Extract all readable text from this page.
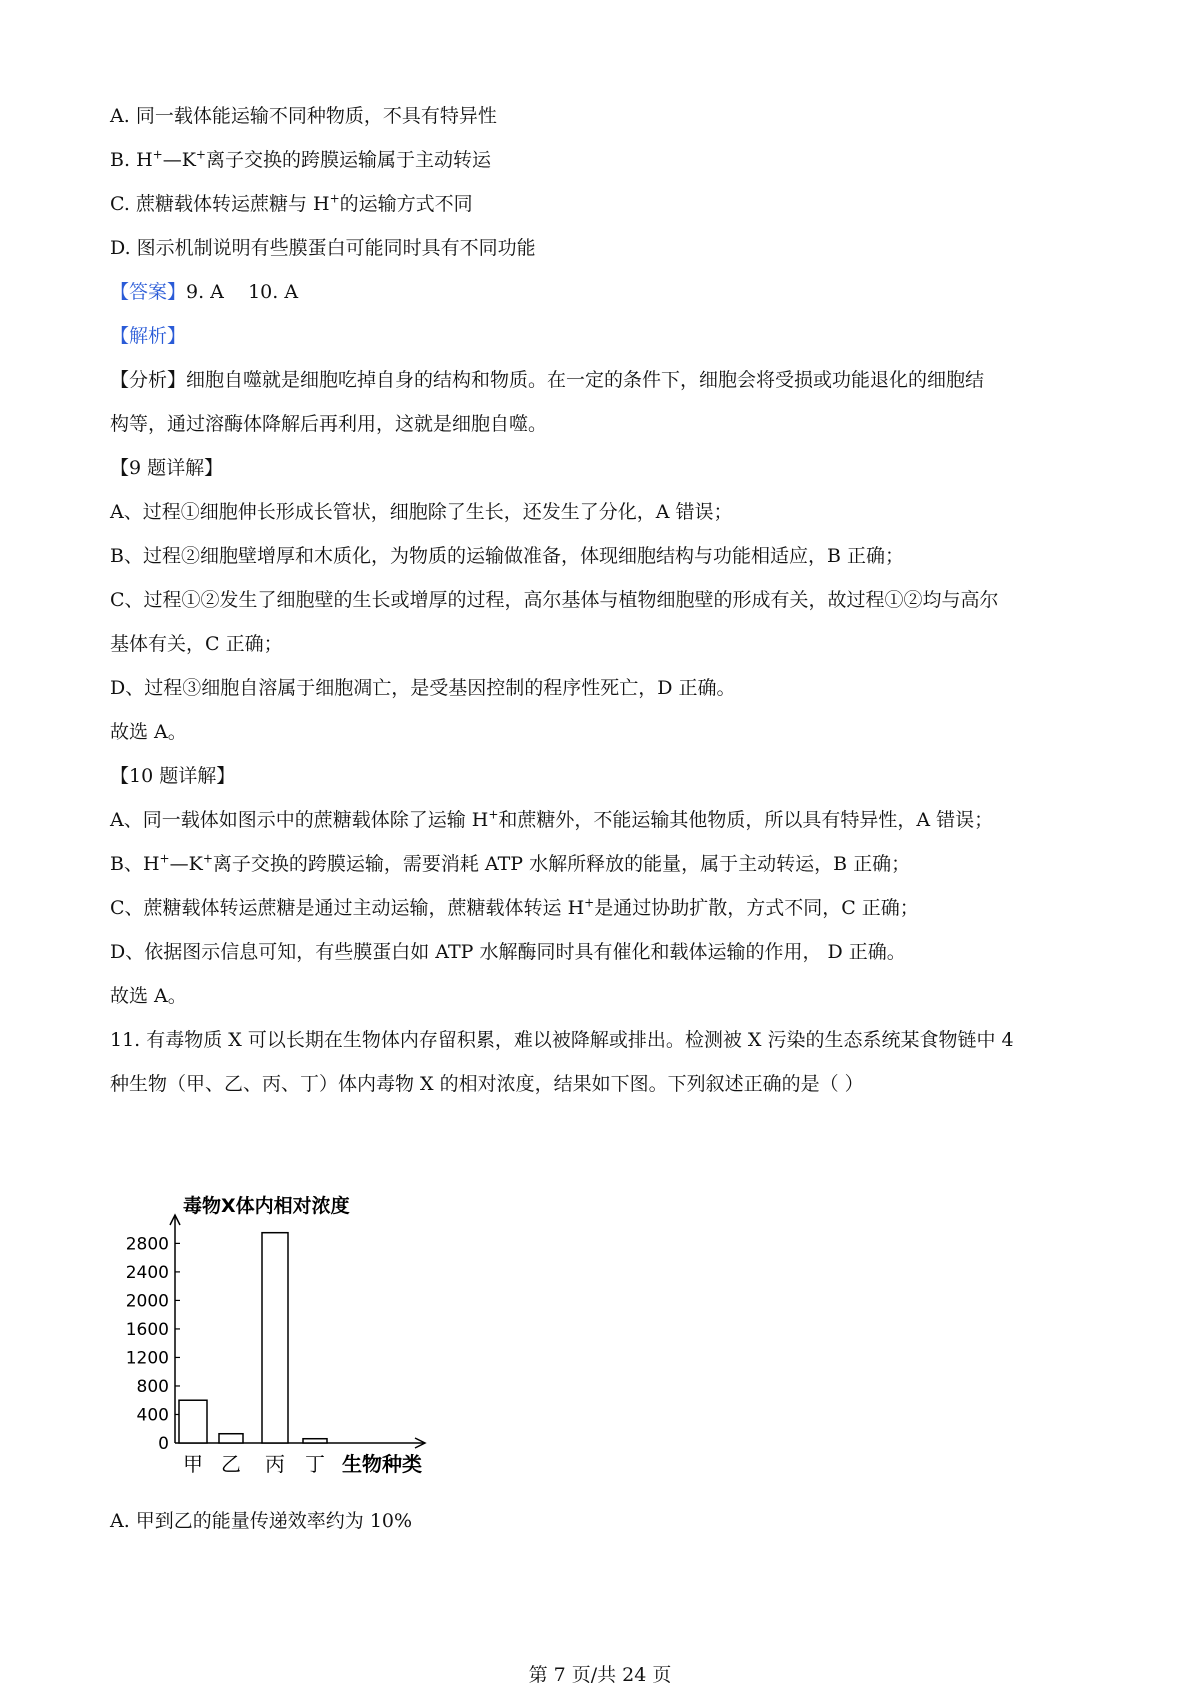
A. 同一载体能运输不同种物质，不具有特异性
B. H+—K+离子交换的跨膜运输属于主动转运
C. 蔗糖载体转运蔗糖与 H+的运输方式不同
D. 图示机制说明有些膜蛋白可能同时具有不同功能
【答案】9. A    10. A
【解析】
【分析】细胞自噬就是细胞吃掉自身的结构和物质。在一定的条件下，细胞会将受损或功能退化的细胞结
构等，通过溶酶体降解后再利用，这就是细胞自噬。
【9 题详解】
A、过程①细胞伸长形成长管状，细胞除了生长，还发生了分化，A 错误；
B、过程②细胞壁增厚和木质化，为物质的运输做准备，体现细胞结构与功能相适应，B 正确；
C、过程①②发生了细胞壁的生长或增厚的过程，高尔基体与植物细胞壁的形成有关，故过程①②均与高尔
基体有关，C 正确；
D、过程③细胞自溶属于细胞凋亡，是受基因控制的程序性死亡，D 正确。
故选 A。
【10 题详解】
A、同一载体如图示中的蔗糖载体除了运输 H+和蔗糖外，不能运输其他物质，所以具有特异性，A 错误；
B、H+—K+离子交换的跨膜运输，需要消耗 ATP 水解所释放的能量，属于主动转运，B 正确；
C、蔗糖载体转运蔗糖是通过主动运输，蔗糖载体转运 H+是通过协助扩散，方式不同，C 正确；
D、依据图示信息可知，有些膜蛋白如 ATP 水解酶同时具有催化和载体运输的作用， D 正确。
故选 A。
11. 有毒物质 X 可以长期在生物体内存留积累，难以被降解或排出。检测被 X 污染的生态系统某食物链中 4
种生物（甲、乙、丙、丁）体内毒物 X 的相对浓度，结果如下图。下列叙述正确的是（ ）
毒物X体内相对浓度
0
400
800
1200
1600
2000
2400
2800
甲 乙 丙 丁 生物种类
A. 甲到乙的能量传递效率约为 10%
第 7 页/共 24 页
